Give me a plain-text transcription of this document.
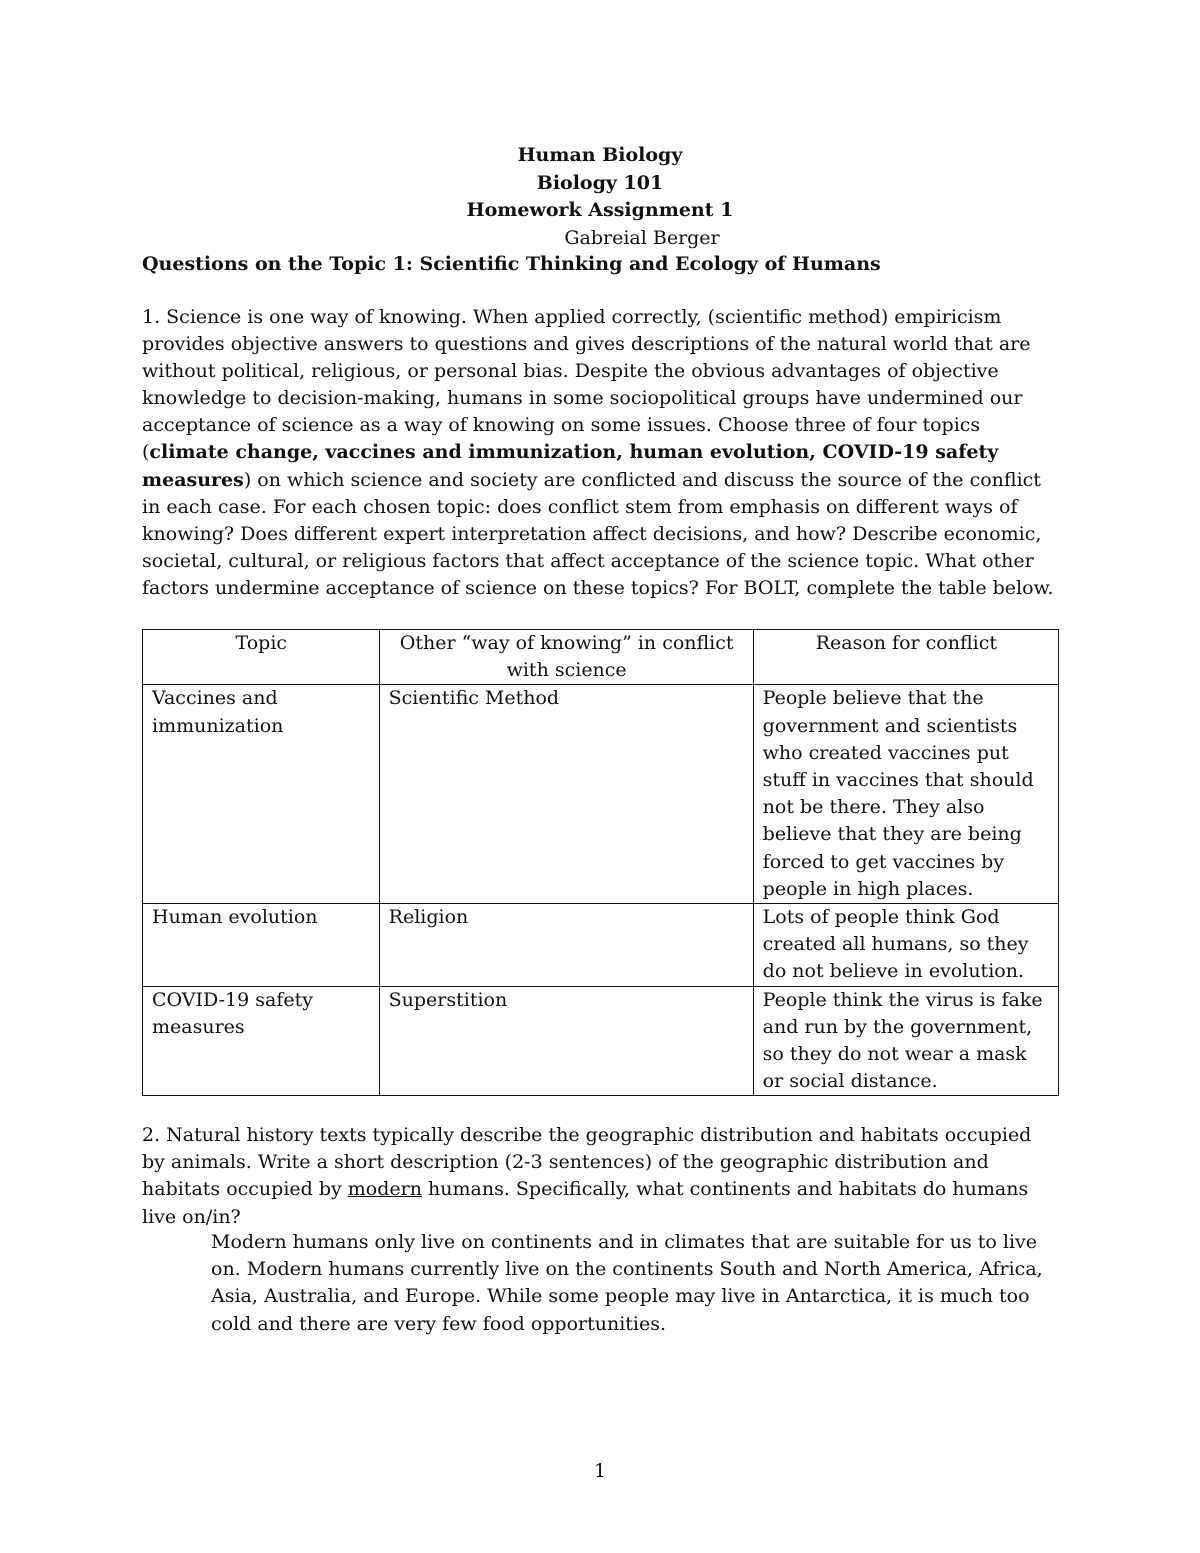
Human Biology
Biology 101
Homework Assignment 1
Gabreial Berger
Questions on the Topic 1: Scientific Thinking and Ecology of Humans
1. Science is one way of knowing. When applied correctly, (scientific method) empiricism provides objective answers to questions and gives descriptions of the natural world that are without political, religious, or personal bias. Despite the obvious advantages of objective knowledge to decision-making, humans in some sociopolitical groups have undermined our acceptance of science as a way of knowing on some issues. Choose three of four topics (climate change, vaccines and immunization, human evolution, COVID-19 safety measures) on which science and society are conflicted and discuss the source of the conflict in each case. For each chosen topic: does conflict stem from emphasis on different ways of knowing? Does different expert interpretation affect decisions, and how? Describe economic, societal, cultural, or religious factors that affect acceptance of the science topic. What other factors undermine acceptance of science on these topics? For BOLT, complete the table below.
Topic	Other “way of knowing” in conflict with science	Reason for conflict
Vaccines and immunization	Scientific Method	People believe that the government and scientists who created vaccines put stuff in vaccines that should not be there. They also believe that they are being forced to get vaccines by people in high places.
Human evolution	Religion	Lots of people think God created all humans, so they do not believe in evolution.
COVID-19 safety measures	Superstition	People think the virus is fake and run by the government, so they do not wear a mask or social distance.
2. Natural history texts typically describe the geographic distribution and habitats occupied by animals. Write a short description (2-3 sentences) of the geographic distribution and habitats occupied by modern humans. Specifically, what continents and habitats do humans live on/in?
Modern humans only live on continents and in climates that are suitable for us to live on. Modern humans currently live on the continents South and North America, Africa, Asia, Australia, and Europe. While some people may live in Antarctica, it is much too cold and there are very few food opportunities.
1
